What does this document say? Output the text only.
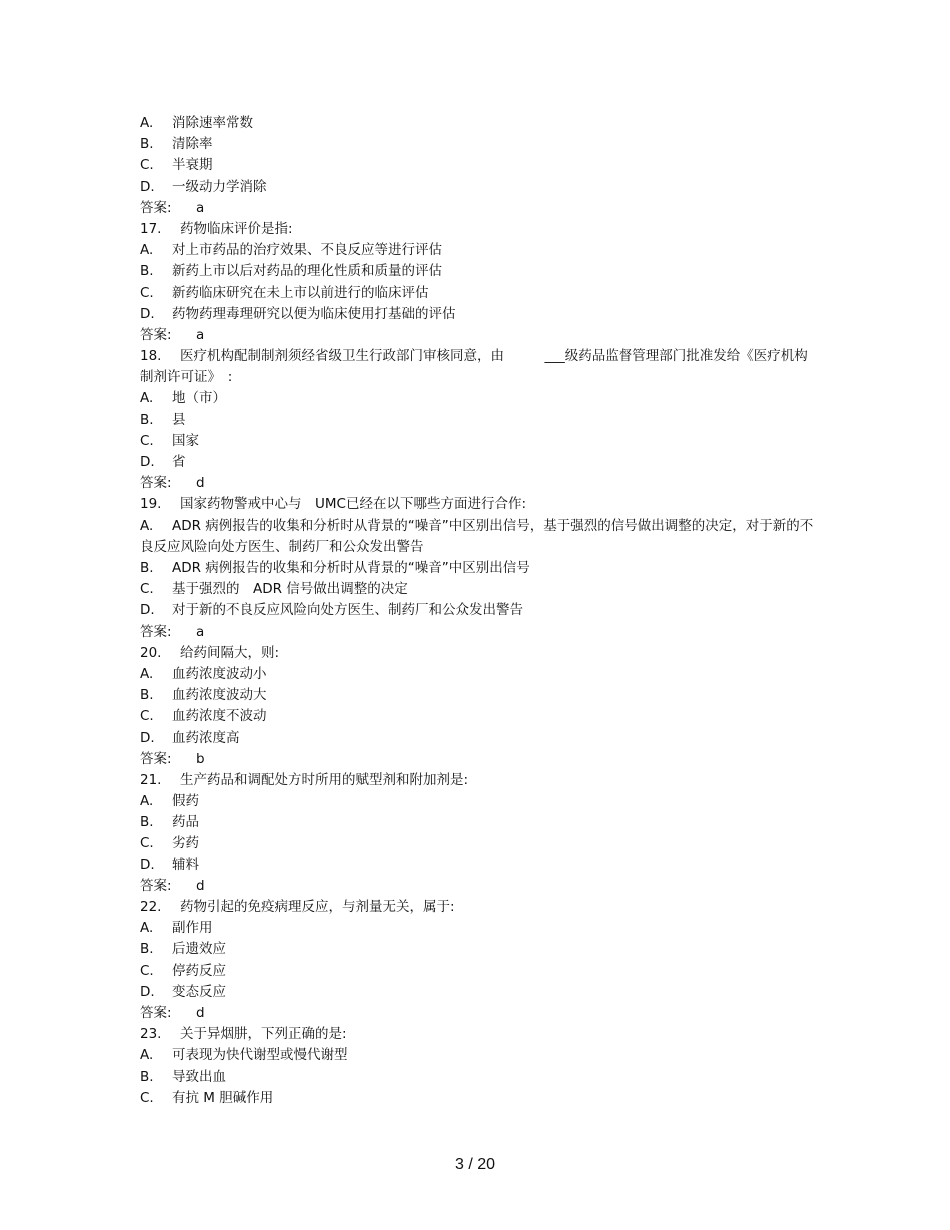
A. 消除速率常数
B. 清除率
C. 半衰期
D. 一级动力学消除
答案: a
17. 药物临床评价是指:
A. 对上市药品的治疗效果、不良反应等进行评估
B. 新药上市以后对药品的理化性质和质量的评估
C. 新药临床研究在未上市以前进行的临床评估
D. 药物药理毒理研究以便为临床使用打基础的评估
答案: a
18. 医疗机构配制制剂须经省级卫生行政部门审核同意，由　　　___级药品监督管理部门批准发给《医疗机构制剂许可证》　:
A. 地（市）
B. 县
C. 国家
D. 省
答案: d
19. 国家药物警戒中心与　UMC已经在以下哪些方面进行合作:
A. ADR 病例报告的收集和分析时从背景的“噪音”中区别出信号，基于强烈的信号做出调整的决定，对于新的不良反应风险向处方医生、制药厂和公众发出警告
B. ADR 病例报告的收集和分析时从背景的“噪音”中区别出信号
C. 基于强烈的　ADR 信号做出调整的决定
D. 对于新的不良反应风险向处方医生、制药厂和公众发出警告
答案: a
20. 给药间隔大，则:
A. 血药浓度波动小
B. 血药浓度波动大
C. 血药浓度不波动
D. 血药浓度高
答案: b
21. 生产药品和调配处方时所用的赋型剂和附加剂是:
A. 假药
B. 药品
C. 劣药
D. 辅料
答案: d
22. 药物引起的免疫病理反应，与剂量无关，属于:
A. 副作用
B. 后遗效应
C. 停药反应
D. 变态反应
答案: d
23. 关于异烟肼，下列正确的是:
A. 可表现为快代谢型或慢代谢型
B. 导致出血
C. 有抗 M 胆碱作用
3 / 20
